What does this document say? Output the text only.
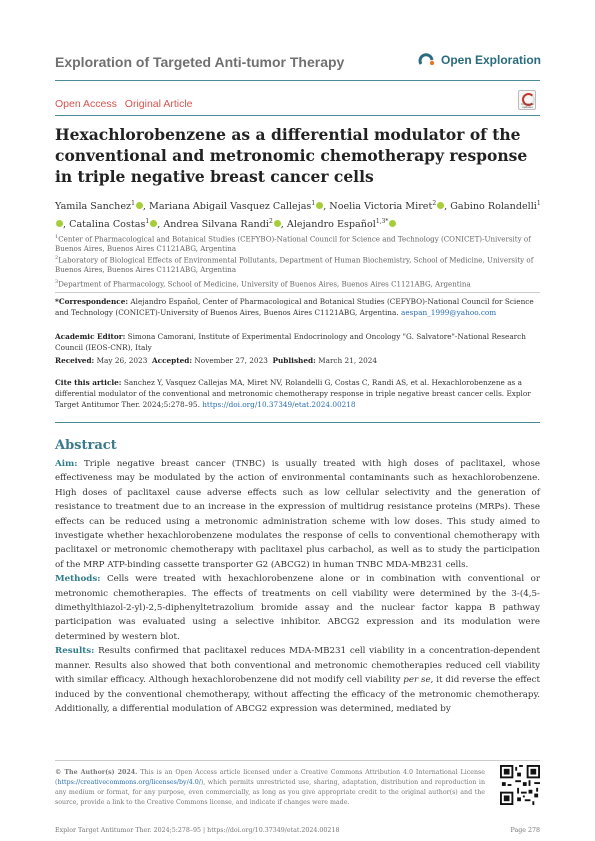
Exploration of Targeted Anti-tumor Therapy	Open Exploration
Open Access Original Article	Check for updates
Hexachlorobenzene as a differential modulator of the conventional and metronomic chemotherapy response in triple negative breast cancer cells
Yamila Sanchez$^1$ , Mariana Abigail Vasquez Callejas$^1$ , Noelia Victoria Miret$^2$ , Gabino Rolandelli$^1$, Catalina Costas$^1$ , Andrea Silvana Randi$^2$ , Alejandro Español$^{1,3*}$
$^1$Center of Pharmacological and Botanical Studies (CEFYBO)-National Council for Science and Technology (CONICET)-University of Buenos Aires, Buenos Aires C1121ABG, Argentina
$^2$Laboratory of Biological Effects of Environmental Pollutants, Department of Human Biochemistry, School of Medicine, University of Buenos Aires, Buenos Aires C1121ABG, Argentina
$^3$Department of Pharmacology, School of Medicine, University of Buenos Aires, Buenos Aires C1121ABG, Argentina
*Correspondence: Alejandro Español, Center of Pharmacological and Botanical Studies (CEFYBO)-National Council for Science and Technology (CONICET)-University of Buenos Aires, Buenos Aires C1121ABG, Argentina. aespan_1999@yahoo.com
Academic Editor: Simona Camorani, Institute of Experimental Endocrinology and Oncology "G. Salvatore"-National Research Council (IEOS-CNR), Italy
Received: May 26, 2023 Accepted: November 27, 2023 Published: March 21, 2024
Cite this article: Sanchez Y, Vasquez Callejas MA, Miret NV, Rolandelli G, Costas C, Randi AS, et al. Hexachlorobenzene as a differential modulator of the conventional and metronomic chemotherapy response in triple negative breast cancer cells. Explor Target Antitumor Ther. 2024;5:278–95. https://doi.org/10.37349/etat.2024.00218
Abstract
Aim: Triple negative breast cancer (TNBC) is usually treated with high doses of paclitaxel, whose effectiveness may be modulated by the action of environmental contaminants such as hexachlorobenzene. High doses of paclitaxel cause adverse effects such as low cellular selectivity and the generation of resistance to treatment due to an increase in the expression of multidrug resistance proteins (MRPs). These effects can be reduced using a metronomic administration scheme with low doses. This study aimed to investigate whether hexachlorobenzene modulates the response of cells to conventional chemotherapy with paclitaxel or metronomic chemotherapy with paclitaxel plus carbachol, as well as to study the participation of the MRP ATP-binding cassette transporter G2 (ABCG2) in human TNBC MDA-MB231 cells.
Methods: Cells were treated with hexachlorobenzene alone or in combination with conventional or metronomic chemotherapies. The effects of treatments on cell viability were determined by the 3-(4,5-dimethylthiazol-2-yl)-2,5-diphenyltetrazolium bromide assay and the nuclear factor kappa B pathway participation was evaluated using a selective inhibitor. ABCG2 expression and its modulation were determined by western blot.
Results: Results confirmed that paclitaxel reduces MDA-MB231 cell viability in a concentration-dependent manner. Results also showed that both conventional and metronomic chemotherapies reduced cell viability with similar efficacy. Although hexachlorobenzene did not modify cell viability per se, it did reverse the effect induced by the conventional chemotherapy, without affecting the efficacy of the metronomic chemotherapy. Additionally, a differential modulation of ABCG2 expression was determined, mediated by
© The Author(s) 2024. This is an Open Access article licensed under a Creative Commons Attribution 4.0 International License (https://creativecommons.org/licenses/by/4.0/), which permits unrestricted use, sharing, adaptation, distribution and reproduction in any medium or format, for any purpose, even commercially, as long as you give appropriate credit to the original author(s) and the source, provide a link to the Creative Commons license, and indicate if changes were made.
Explor Target Antitumor Ther. 2024;5:278–95 | https://doi.org/10.37349/etat.2024.00218	Page 278
